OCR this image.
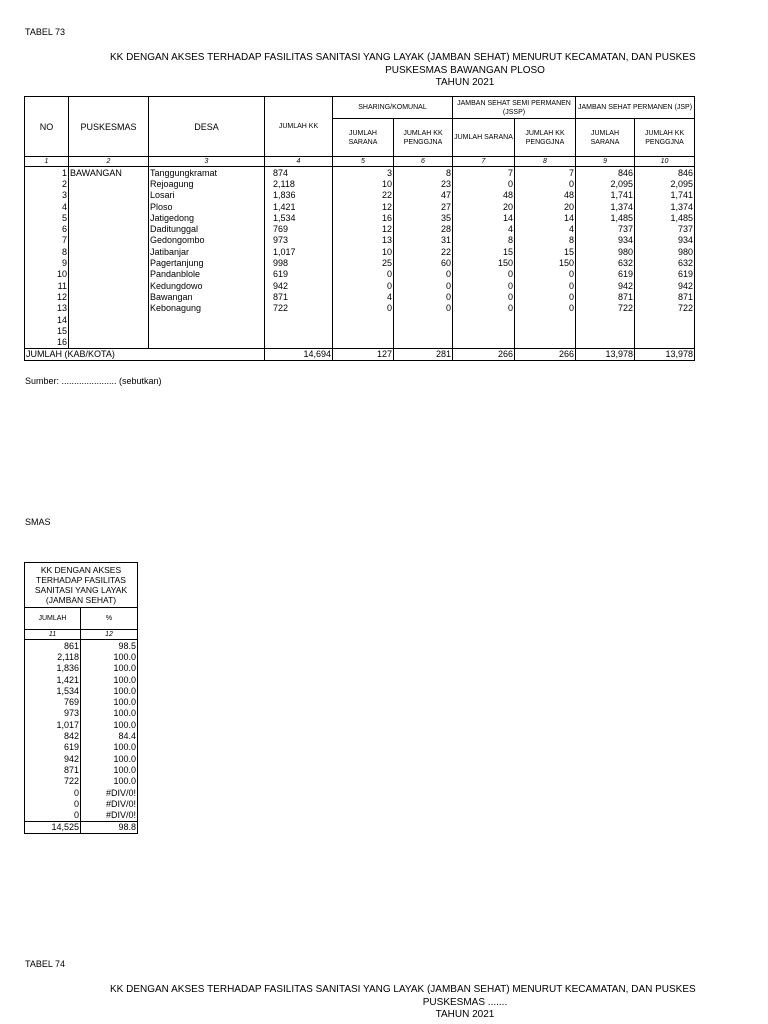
TABEL 73
KK DENGAN AKSES TERHADAP FASILITAS SANITASI YANG LAYAK (JAMBAN SEHAT) MENURUT KECAMATAN, DAN PUSKES
PUSKESMAS BAWANGAN PLOSO
TAHUN 2021
NO	PUSKESMAS	DESA	JUMLAH KK	SHARING/KOMUNAL		JAMBAN SEHAT SEMI PERMANEN (JSSP)		JAMBAN SEHAT PERMANEN (JSP)	
				JUMLAH SARANA	JUMLAH KK PENGGJNA	JUMLAH SARANA	JUMLAH KK PENGGJNA	JUMLAH SARANA	JUMLAH KK PENGGJNA
1	2	3	4	5	6	7	8	9	10
1	BAWANGAN	Tanggungkramat	874	3	8	7	7	846	846
2		Rejoagung	2,118	10	23	0	0	2,095	2,095
3		Losari	1,836	22	47	48	48	1,741	1,741
4		Ploso	1,421	12	27	20	20	1,374	1,374
5		Jatigedong	1,534	16	35	14	14	1,485	1,485
6		Daditunggal	769	12	28	4	4	737	737
7		Gedongombo	973	13	31	8	8	934	934
8		Jatibanjar	1,017	10	22	15	15	980	980
9		Pagertanjung	998	25	60	150	150	632	632
10		Pandanblole	619	0	0	0	0	619	619
11		Kedungdowo	942	0	0	0	0	942	942
12		Bawangan	871	4	0	0	0	871	871
13		Kebonagung	722	0	0	0	0	722	722
14									
15									
16									
JUMLAH (KAB/KOTA)			14,694	127	281	266	266	13,978	13,978
Sumber: ...................... (sebutkan)
SMAS
KK DENGAN AKSES TERHADAP FASILITAS SANITASI YANG LAYAK (JAMBAN SEHAT)	
JUMLAH	%
11	12
861	98.5
2,118	100.0
1,836	100.0
1,421	100.0
1,534	100.0
769	100.0
973	100.0
1,017	100.0
842	84.4
619	100.0
942	100.0
871	100.0
722	100.0
0	#DIV/0!
0	#DIV/0!
0	#DIV/0!
14,525	98.8
TABEL 74
KK DENGAN AKSES TERHADAP FASILITAS SANITASI YANG LAYAK (JAMBAN SEHAT) MENURUT KECAMATAN, DAN PUSKES
PUSKESMAS .......
TAHUN 2021
